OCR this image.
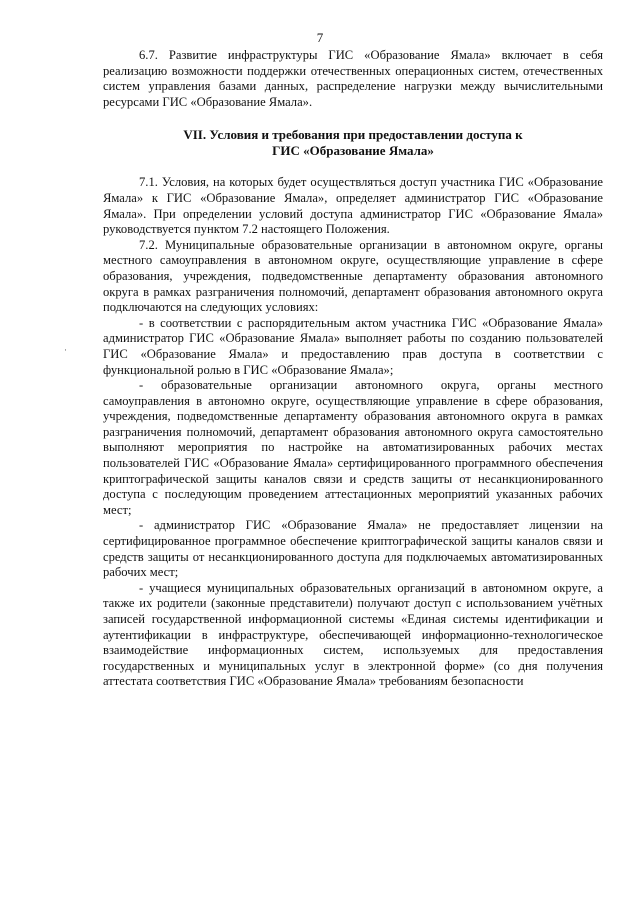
7
·

6.7. Развитие инфраструктуры ГИС «Образование Ямала» включает в себя реализацию возможности поддержки отечественных операционных систем, отечественных систем управления базами данных, распределение нагрузки между вычислительными ресурсами ГИС «Образование Ямала».

VII. Условия и требования при предоставлении доступа к
ГИС «Образование Ямала»

7.1. Условия, на которых будет осуществляться доступ участника ГИС «Образование Ямала» к ГИС «Образование Ямала», определяет администратор ГИС «Образование Ямала». При определении условий доступа администратор ГИС «Образование Ямала» руководствуется пунктом 7.2 настоящего Положения.

7.2. Муниципальные образовательные организации в автономном округе, органы местного самоуправления в автономном округе, осуществляющие управление в сфере образования, учреждения, подведомственные департаменту образования автономного округа в рамках разграничения полномочий, департамент образования автономного округа подключаются на следующих условиях:

- в соответствии с распорядительным актом участника ГИС «Образование Ямала» администратор ГИС «Образование Ямала» выполняет работы по созданию пользователей ГИС «Образование Ямала» и предоставлению прав доступа в соответствии с функциональной ролью в ГИС «Образование Ямала»;

- образовательные организации автономного округа, органы местного самоуправления в автономно округе, осуществляющие управление в сфере образования, учреждения, подведомственные департаменту образования автономного округа в рамках разграничения полномочий, департамент образования автономного округа самостоятельно выполняют мероприятия по настройке на автоматизированных рабочих местах пользователей ГИС «Образование Ямала» сертифицированного программного обеспечения криптографической защиты каналов связи и средств защиты от несанкционированного доступа с последующим проведением аттестационных мероприятий указанных рабочих мест;

- администратор ГИС «Образование Ямала» не предоставляет лицензии на сертифицированное программное обеспечение криптографической защиты каналов связи и средств защиты от несанкционированного доступа для подключаемых автоматизированных рабочих мест;

- учащиеся муниципальных образовательных организаций в автономном округе, а также их родители (законные представители) получают доступ с использованием учётных записей государственной информационной системы «Единая системы идентификации и аутентификации в инфраструктуре, обеспечивающей информационно-технологическое взаимодействие информационных систем, используемых для предоставления государственных и муниципальных услуг в электронной форме» (со дня получения аттестата соответствия ГИС «Образование Ямала» требованиям безопасности
